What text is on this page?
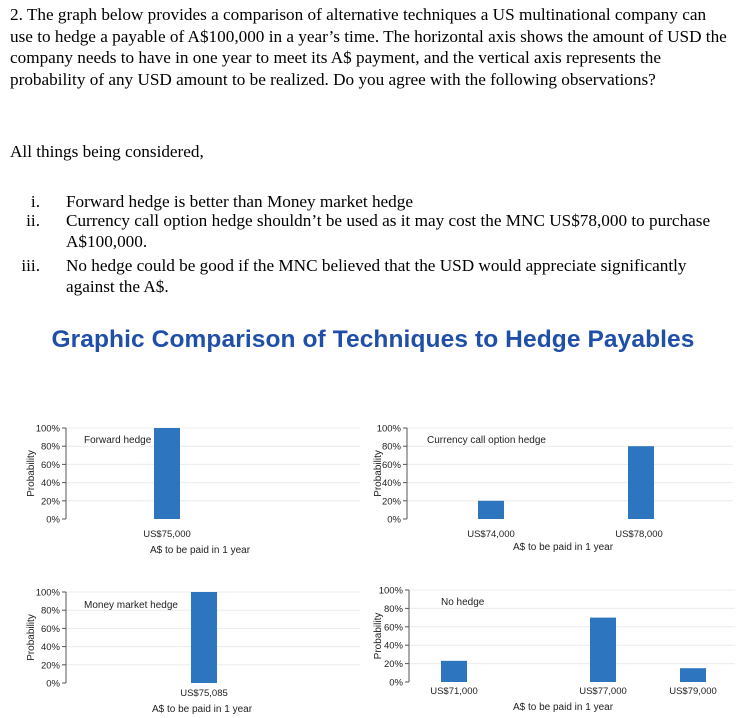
2. The graph below provides a comparison of alternative techniques a US multinational company can use to hedge a payable of A$100,000 in a year’s time. The horizontal axis shows the amount of USD the company needs to have in one year to meet its A$ payment, and the vertical axis represents the probability of any USD amount to be realized. Do you agree with the following observations?

All things being considered,

i. Forward hedge is better than Money market hedge
ii. Currency call option hedge shouldn’t be used as it may cost the MNC US$78,000 to purchase A$100,000.
iii. No hedge could be good if the MNC believed that the USD would appreciate significantly against the A$.
Graphic Comparison of Techniques to Hedge Payables
100%
80%
60%
40%
20%
0%
Probability
US$75,000
Forward hedge
A$ to be paid in 1 year
100%
80%
60%
40%
20%
0%
Probability
US$74,000	US$78,000
Currency call option hedge
A$ to be paid in 1 year
100%
80%
60%
40%
20%
0%
Probability
US$75,085
Money market hedge
A$ to be paid in 1 year
100%
80%
60%
40%
20%
0%
Probability
US$71,000	US$77,000	US$79,000
No hedge
A$ to be paid in 1 year
